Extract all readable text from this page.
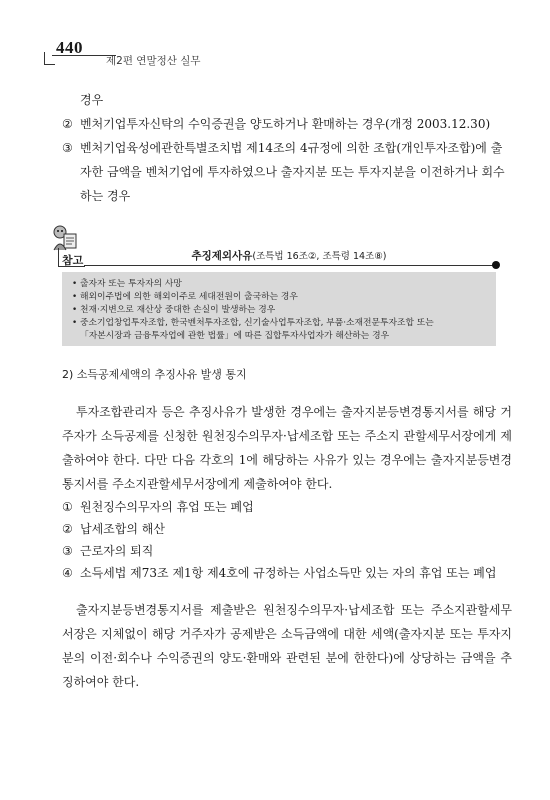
440
제2편 연말정산 실무

경우

② 벤처기업투자신탁의 수익증권을 양도하거나 환매하는 경우(개정 2003.12.30)
③ 벤처기업육성에관한특별조치법 제14조의 4규정에 의한 조합(개인투자조합)에 출자한 금액을 벤처기업에 투자하였으나 출자지분 또는 투자지분을 이전하거나 회수하는 경우
참고	추징제외사유(조특법 16조②, 조특령 14조⑧)
• 출자자 또는 투자자의 사망
• 해외이주법에 의한 해외이주로 세대전원이 출국하는 경우
• 천재·지변으로 재산상 중대한 손실이 발생하는 경우
• 중소기업창업투자조합, 한국벤처투자조합, 신기술사업투자조합, 부품·소재전문투자조합 또는
「자본시장과 금융투자업에 관한 법률」에 따른 집합투자사업자가 해산하는 경우
2) 소득공제세액의 추징사유 발생 통지

투자조합관리자 등은 추징사유가 발생한 경우에는 출자지분등변경통지서를 해당 거주자가 소득공제를 신청한 원천징수의무자·납세조합 또는 주소지 관할세무서장에게 제출하여야 한다. 다만 다음 각호의 1에 해당하는 사유가 있는 경우에는 출자지분등변경통지서를 주소지관할세무서장에게 제출하여야 한다.

① 원천징수의무자의 휴업 또는 폐업
② 납세조합의 해산
③ 근로자의 퇴직
④ 소득세법 제73조 제1항 제4호에 규정하는 사업소득만 있는 자의 휴업 또는 폐업

출자지분등변경통지서를 제출받은 원천징수의무자·납세조합 또는 주소지관할세무서장은 지체없이 해당 거주자가 공제받은 소득금액에 대한 세액(출자지분 또는 투자지분의 이전·회수나 수익증권의 양도·환매와 관련된 분에 한한다)에 상당하는 금액을 추징하여야 한다.
